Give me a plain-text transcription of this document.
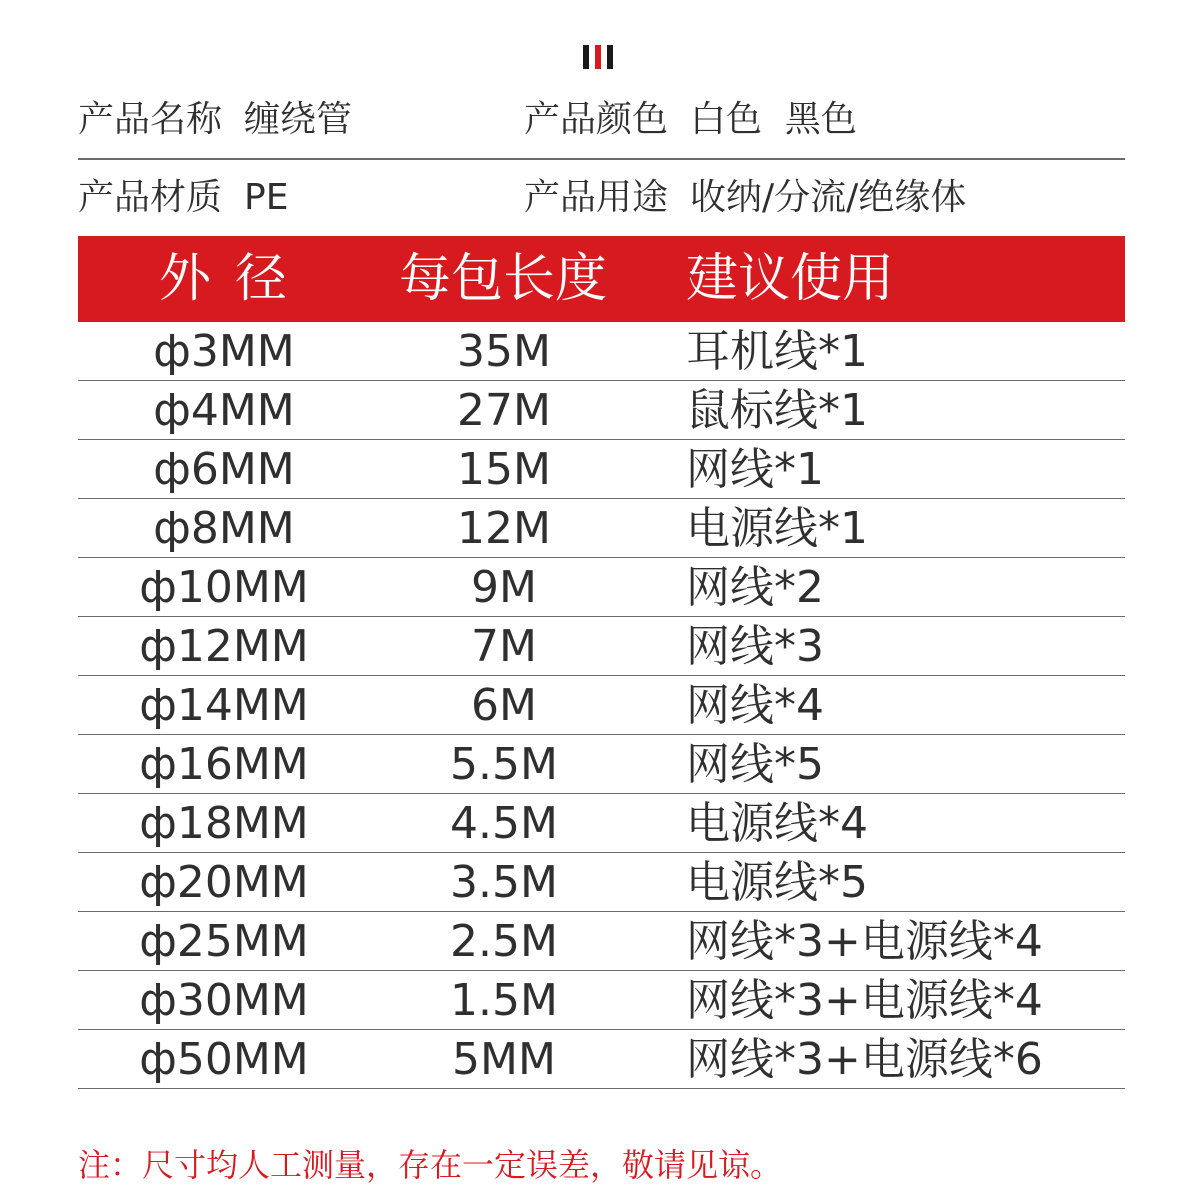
产品名称 缠绕管	产品颜色 白色  黑色
产品材质 PE	产品用途 收纳/分流/绝缘体
外径	每包长度	建议使用
ф3MM	35M	耳机线*1
ф4MM	27M	鼠标线*1
ф6MM	15M	网线*1
ф8MM	12M	电源线*1
ф10MM	9M	网线*2
ф12MM	7M	网线*3
ф14MM	6M	网线*4
ф16MM	5.5M	网线*5
ф18MM	4.5M	电源线*4
ф20MM	3.5M	电源线*5
ф25MM	2.5M	网线*3+电源线*4
ф30MM	1.5M	网线*3+电源线*4
ф50MM	5MM	网线*3+电源线*6
注：尺寸均人工测量，存在一定误差，敬请见谅。
